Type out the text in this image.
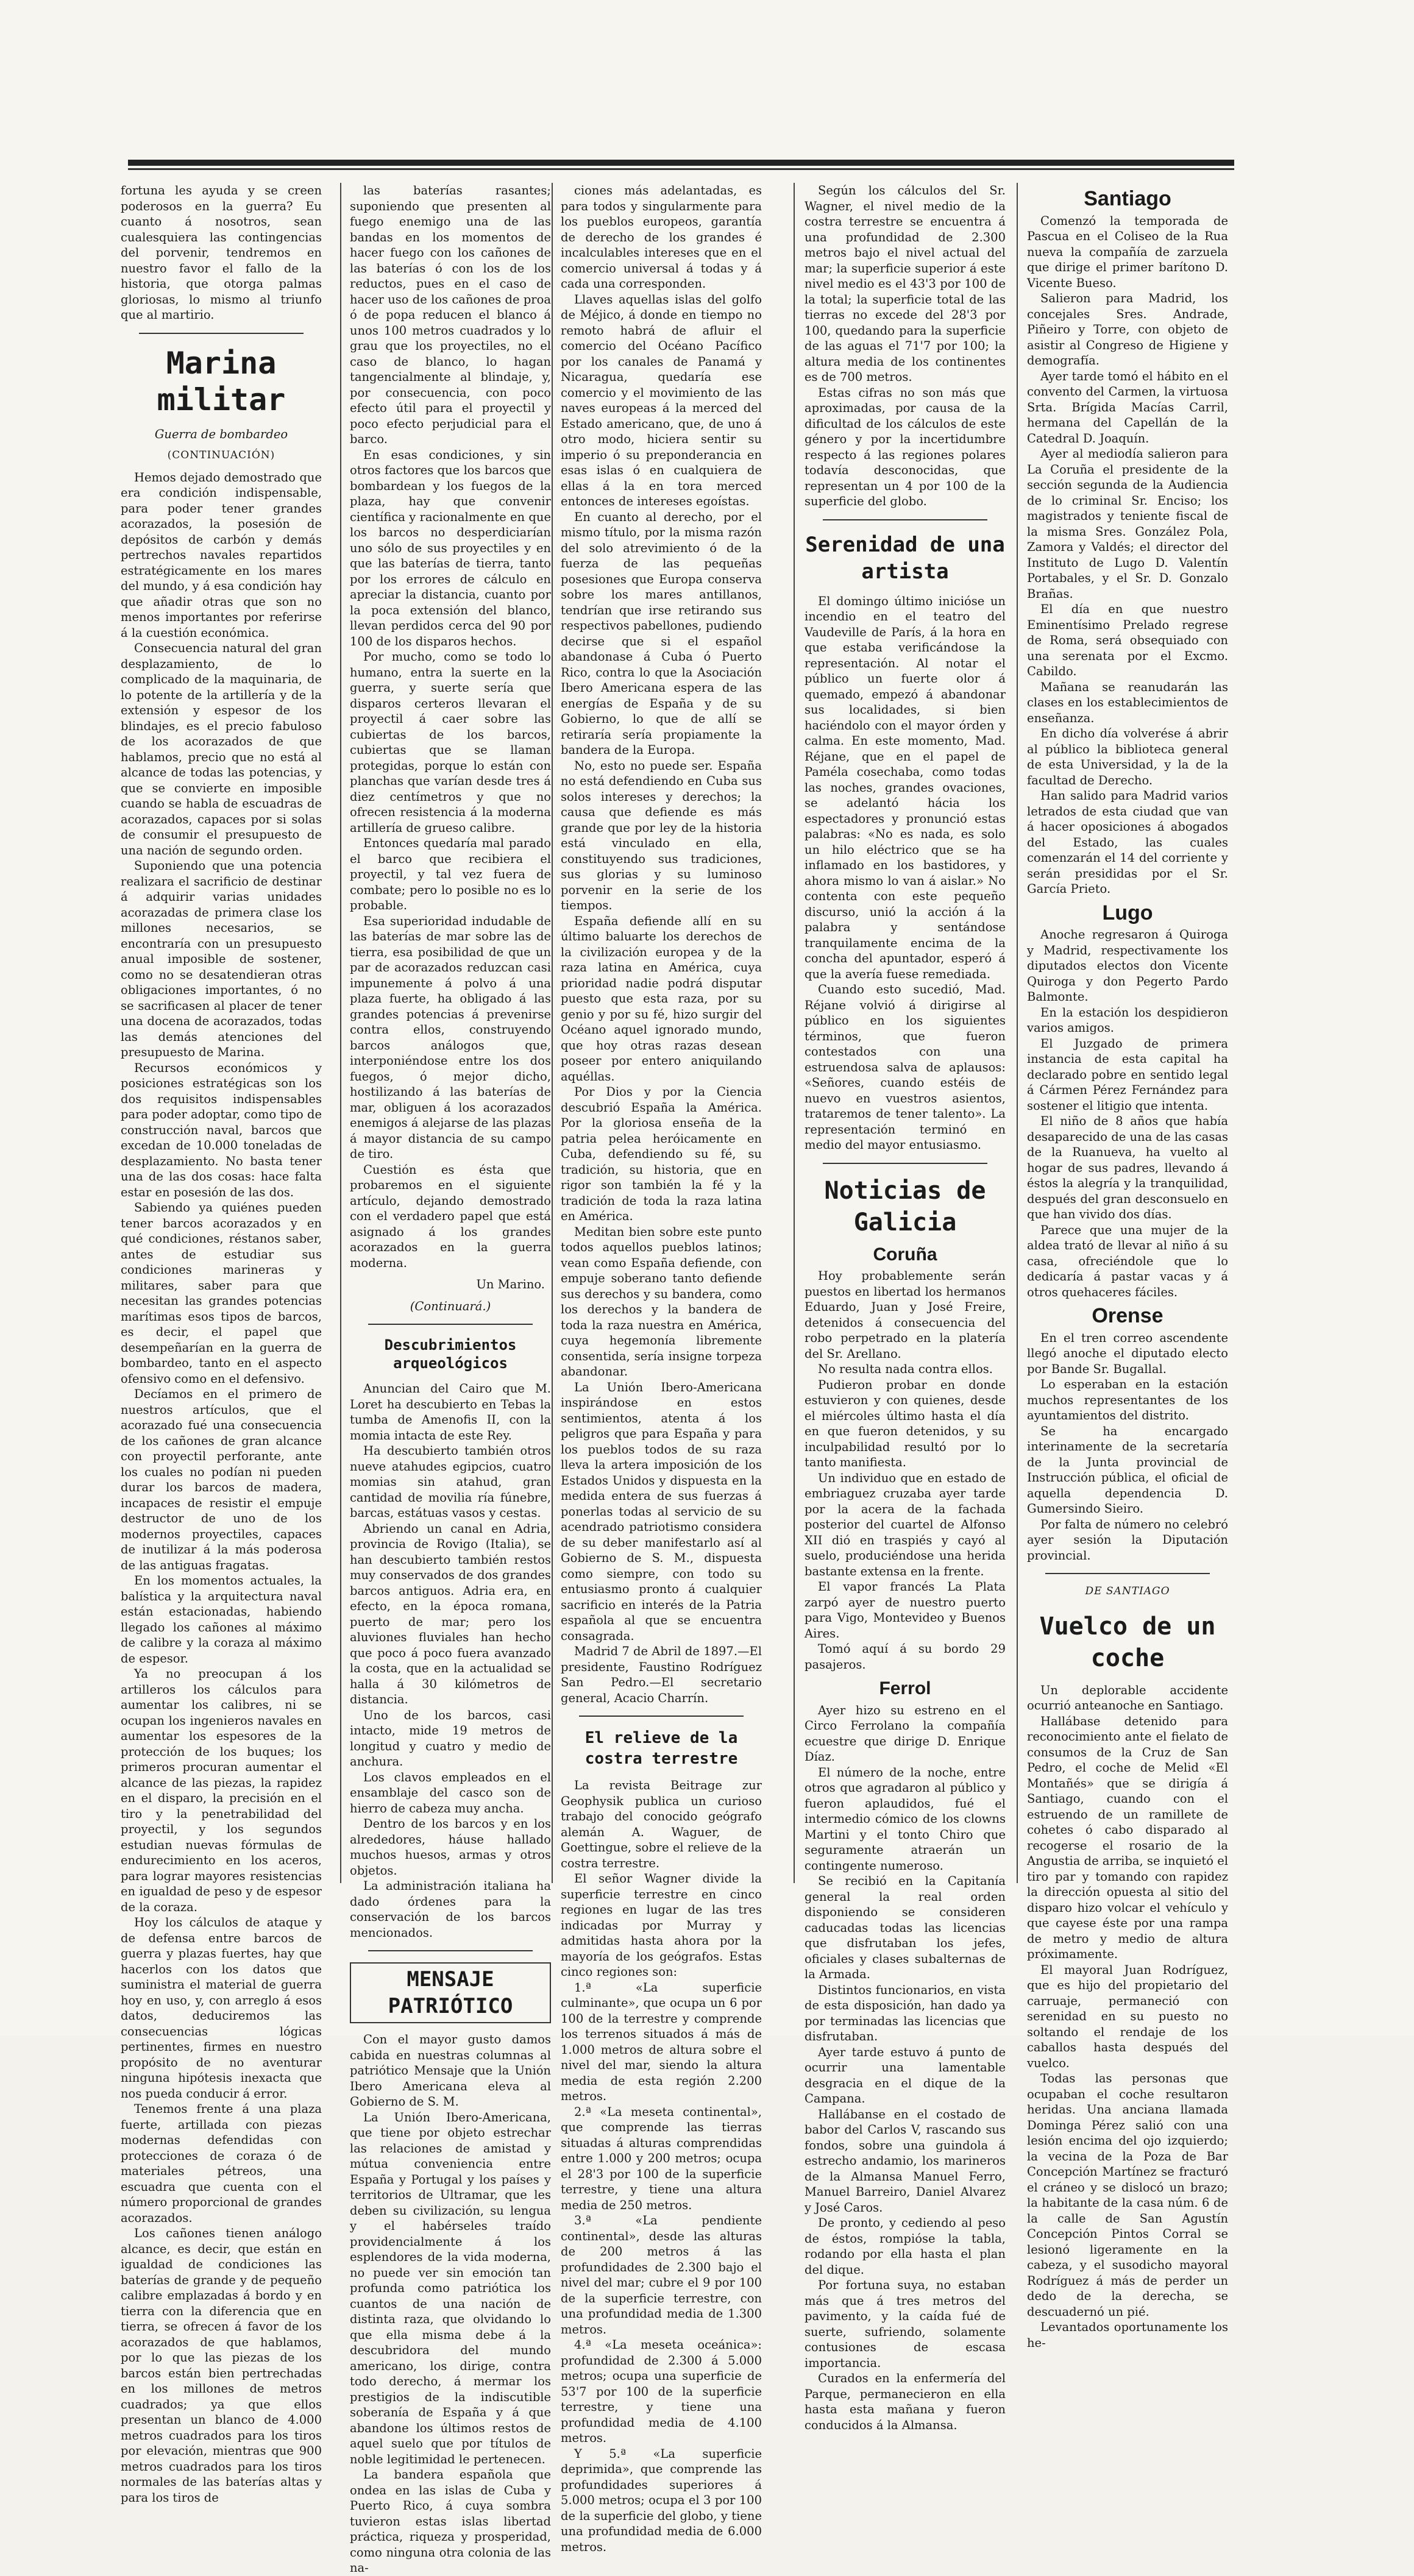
fortuna les ayuda y se creen poderosos en la guerra? Eu cuanto á nosotros, sean cualesquiera las contingencias del porvenir, tendremos en nuestro favor el fallo de la historia, que otorga palmas gloriosas, lo mismo al triunfo que al martirio.

Marina militar
Guerra de bombardeo
(CONTINUACIÓN)

Hemos dejado demostrado que era condición indispensable, para poder tener grandes acorazados, la posesión de depósitos de carbón y demás pertrechos navales repartidos estratégicamente en los mares del mundo, y á esa condición hay que añadir otras que son no menos importantes por referirse á la cuestión económica.

Consecuencia natural del gran desplazamiento, de lo complicado de la maquinaria, de lo potente de la artillería y de la extensión y espesor de los blindajes, es el precio fabuloso de los acorazados de que hablamos, precio que no está al alcance de todas las potencias, y que se convierte en imposible cuando se habla de escuadras de acorazados, capaces por si solas de consumir el presupuesto de una nación de segundo orden.

Suponiendo que una potencia realizara el sacrificio de destinar á adquirir varias unidades acorazadas de primera clase los millones necesarios, se encontraría con un presupuesto anual imposible de sostener, como no se desatendieran otras obligaciones importantes, ó no se sacrificasen al placer de tener una docena de acorazados, todas las demás atenciones del presupuesto de Marina.

Recursos económicos y posiciones estratégicas son los dos requisitos indispensables para poder adoptar, como tipo de construcción naval, barcos que excedan de 10.000 toneladas de desplazamiento. No basta tener una de las dos cosas: hace falta estar en posesión de las dos.

Sabiendo ya quiénes pueden tener barcos acorazados y en qué condiciones, réstanos saber, antes de estudiar sus condiciones marineras y militares, saber para que necesitan las grandes potencias marítimas esos tipos de barcos, es decir, el papel que desempeñarían en la guerra de bombardeo, tanto en el aspecto ofensivo como en el defensivo.

Decíamos en el primero de nuestros artículos, que el acorazado fué una consecuencia de los cañones de gran alcance con proyectil perforante, ante los cuales no podían ni pueden durar los barcos de madera, incapaces de resistir el empuje destructor de uno de los modernos proyectiles, capaces de inutilizar á la más poderosa de las antiguas fragatas.

En los momentos actuales, la balística y la arquitectura naval están estacionadas, habiendo llegado los cañones al máximo de calibre y la coraza al máximo de espesor.

Ya no preocupan á los artilleros los cálculos para aumentar los calibres, ni se ocupan los ingenieros navales en aumentar los espesores de la protección de los buques; los primeros procuran aumentar el alcance de las piezas, la rapidez en el disparo, la precisión en el tiro y la penetrabilidad del proyectil, y los segundos estudian nuevas fórmulas de endurecimiento en los aceros, para lograr mayores resistencias en igualdad de peso y de espesor de la coraza.

Hoy los cálculos de ataque y de defensa entre barcos de guerra y plazas fuertes, hay que hacerlos con los datos que suministra el material de guerra hoy en uso, y, con arreglo á esos datos, deduciremos las consecuencias lógicas pertinentes, firmes en nuestro propósito de no aventurar ninguna hipótesis inexacta que nos pueda conducir á error.

Tenemos frente á una plaza fuerte, artillada con piezas modernas defendidas con protecciones de coraza ó de materiales pétreos, una escuadra que cuenta con el número proporcional de grandes acorazados.

Los cañones tienen análogo alcance, es decir, que están en igualdad de condiciones las baterías de grande y de pequeño calibre emplazadas á bordo y en tierra con la diferencia que en tierra, se ofrecen á favor de los acorazados de que hablamos, por lo que las piezas de los barcos están bien pertrechadas en los millones de metros cuadrados; ya que ellos presentan un blanco de 4.000 metros cuadrados para los tiros por elevación, mientras que 900 metros cuadrados para los tiros normales de las baterías altas y para los tiros de

las baterías rasantes; suponiendo que presenten al fuego enemigo una de las bandas en los momentos de hacer fuego con los cañones de las baterías ó con los de los reductos, pues en el caso de hacer uso de los cañones de proa ó de popa reducen el blanco á unos 100 metros cuadrados y lo grau que los proyectiles, no el caso de blanco, lo hagan tangencialmente al blindaje, y, por consecuencia, con poco efecto útil para el proyectil y poco efecto perjudicial para el barco.

En esas condiciones, y sin otros factores que los barcos que bombardean y los fuegos de la plaza, hay que convenir científica y racionalmente en que los barcos no desperdiciarían uno sólo de sus proyectiles y en que las baterías de tierra, tanto por los errores de cálculo en apreciar la distancia, cuanto por la poca extensión del blanco, llevan perdidos cerca del 90 por 100 de los disparos hechos.

Por mucho, como se todo lo humano, entra la suerte en la guerra, y suerte sería que disparos certeros llevaran el proyectil á caer sobre las cubiertas de los barcos, cubiertas que se llaman protegidas, porque lo están con planchas que varían desde tres á diez centímetros y que no ofrecen resistencia á la moderna artillería de grueso calibre.

Entonces quedaría mal parado el barco que recibiera el proyectil, y tal vez fuera de combate; pero lo posible no es lo probable.

Esa superioridad indudable de las baterías de mar sobre las de tierra, esa posibilidad de que un par de acorazados reduzcan casi impunemente á polvo á una plaza fuerte, ha obligado á las grandes potencias á prevenirse contra ellos, construyendo barcos análogos que, interponiéndose entre los dos fuegos, ó mejor dicho, hostilizando á las baterías de mar, obliguen á los acorazados enemigos á alejarse de las plazas á mayor distancia de su campo de tiro.

Cuestión es ésta que probaremos en el siguiente artículo, dejando demostrado con el verdadero papel que está asignado á los grandes acorazados en la guerra moderna.

Un Marino.
(Continuará.)
Descubrimientos arqueológicos

Anuncian del Cairo que M. Loret ha descubierto en Tebas la tumba de Amenofis II, con la momia intacta de este Rey.

Ha descubierto también otros nueve atahudes egipcios, cuatro momias sin atahud, gran cantidad de movilia ría fúnebre, barcas, estátuas vasos y cestas.

Abriendo un canal en Adria, provincia de Rovigo (Italia), se han descubierto también restos muy conservados de dos grandes barcos antiguos. Adria era, en efecto, en la época romana, puerto de mar; pero los aluviones fluviales han hecho que poco á poco fuera avanzado la costa, que en la actualidad se halla á 30 kilómetros de distancia.

Uno de los barcos, casi intacto, mide 19 metros de longitud y cuatro y medio de anchura.

Los clavos empleados en el ensamblaje del casco son de hierro de cabeza muy ancha.

Dentro de los barcos y en los alrededores, háuse hallado muchos huesos, armas y otros objetos.

La administración italiana ha dado órdenes para la conservación de los barcos mencionados.

MENSAJE PATRIÓTICO

Con el mayor gusto damos cabida en nuestras columnas al patriótico Mensaje que la Unión Ibero Americana eleva al Gobierno de S. M.

La Unión Ibero-Americana, que tiene por objeto estrechar las relaciones de amistad y mútua conveniencia entre España y Portugal y los países y territorios de Ultramar, que les deben su civilización, su lengua y el habérseles traído providencialmente á los esplendores de la vida moderna, no puede ver sin emoción tan profunda como patriótica los cuantos de una nación de distinta raza, que olvidando lo que ella misma debe á la descubridora del mundo americano, los dirige, contra todo derecho, á mermar los prestigios de la indiscutible soberanía de España y á que abandone los últimos restos de aquel suelo que por títulos de noble legitimidad le pertenecen.

La bandera española que ondea en las islas de Cuba y Puerto Rico, á cuya sombra tuvieron estas islas libertad práctica, riqueza y prosperidad, como ninguna otra colonia de las na-

ciones más adelantadas, es para todos y singularmente para los pueblos europeos, garantía de derecho de los grandes é incalculables intereses que en el comercio universal á todas y á cada una corresponden.

Llaves aquellas islas del golfo de Méjico, á donde en tiempo no remoto habrá de afluir el comercio del Océano Pacífico por los canales de Panamá y Nicaragua, quedaría ese comercio y el movimiento de las naves europeas á la merced del Estado americano, que, de uno á otro modo, hiciera sentir su imperio ó su preponderancia en esas islas ó en cualquiera de ellas á la en tora merced entonces de intereses egoístas.

En cuanto al derecho, por el mismo título, por la misma razón del solo atrevimiento ó de la fuerza de las pequeñas posesiones que Europa conserva sobre los mares antillanos, tendrían que irse retirando sus respectivos pabellones, pudiendo decirse que si el español abandonase á Cuba ó Puerto Rico, contra lo que la Asociación Ibero Americana espera de las energías de España y de su Gobierno, lo que de allí se retiraría sería propiamente la bandera de la Europa.

No, esto no puede ser. España no está defendiendo en Cuba sus solos intereses y derechos; la causa que defiende es más grande que por ley de la historia está vinculado en ella, constituyendo sus tradiciones, sus glorias y su luminoso porvenir en la serie de los tiempos.

España defiende allí en su último baluarte los derechos de la civilización europea y de la raza latina en América, cuya prioridad nadie podrá disputar puesto que esta raza, por su genio y por su fé, hizo surgir del Océano aquel ignorado mundo, que hoy otras razas desean poseer por entero aniquilando aquéllas.

Por Dios y por la Ciencia descubrió España la América. Por la gloriosa enseña de la patria pelea heróicamente en Cuba, defendiendo su fé, su tradición, su historia, que en rigor son también la fé y la tradición de toda la raza latina en América.

Meditan bien sobre este punto todos aquellos pueblos latinos; vean como España defiende, con empuje soberano tanto defiende sus derechos y su bandera, como los derechos y la bandera de toda la raza nuestra en América, cuya hegemonía libremente consentida, sería insigne torpeza abandonar.

La Unión Ibero-Americana inspirándose en estos sentimientos, atenta á los peligros que para España y para los pueblos todos de su raza lleva la artera imposición de los Estados Unidos y dispuesta en la medida entera de sus fuerzas á ponerlas todas al servicio de su acendrado patriotismo considera de su deber manifestarlo así al Gobierno de S. M., dispuesta como siempre, con todo su entusiasmo pronto á cualquier sacrificio en interés de la Patria española al que se encuentra consagrada.

Madrid 7 de Abril de 1897.—El presidente, Faustino Rodríguez San Pedro.—El secretario general, Acacio Charrín.

El relieve de la costra terrestre

La revista Beitrage zur Geophysik publica un curioso trabajo del conocido geógrafo alemán A. Waguer, de Goettingue, sobre el relieve de la costra terrestre.

El señor Wagner divide la superficie terrestre en cinco regiones en lugar de las tres indicadas por Murray y admitidas hasta ahora por la mayoría de los geógrafos. Estas cinco regiones son:

1.ª «La superficie culminante», que ocupa un 6 por 100 de la terrestre y comprende los terrenos situados á más de 1.000 metros de altura sobre el nivel del mar, siendo la altura media de esta región 2.200 metros.

2.ª «La meseta continental», que comprende las tierras situadas á alturas comprendidas entre 1.000 y 200 metros; ocupa el 28'3 por 100 de la superficie terrestre, y tiene una altura media de 250 metros.

3.ª «La pendiente continental», desde las alturas de 200 metros á las profundidades de 2.300 bajo el nivel del mar; cubre el 9 por 100 de la superficie terrestre, con una profundidad media de 1.300 metros.

4.ª «La meseta oceánica»: profundidad de 2.300 á 5.000 metros; ocupa una superficie de 53'7 por 100 de la superficie terrestre, y tiene una profundidad media de 4.100 metros.

Y 5.ª «La superficie deprimida», que comprende las profundidades superiores á 5.000 metros; ocupa el 3 por 100 de la superficie del globo, y tiene una profundidad media de 6.000 metros.

Según los cálculos del Sr. Wagner, el nivel medio de la costra terrestre se encuentra á una profundidad de 2.300 metros bajo el nivel actual del mar; la superficie superior á este nivel medio es el 43'3 por 100 de la total; la superficie total de las tierras no excede del 28'3 por 100, quedando para la superficie de las aguas el 71'7 por 100; la altura media de los continentes es de 700 metros.

Estas cifras no son más que aproximadas, por causa de la dificultad de los cálculos de este género y por la incertidumbre respecto á las regiones polares todavía desconocidas, que representan un 4 por 100 de la superficie del globo.

Serenidad de una artista

El domingo último inicióse un incendio en el teatro del Vaudeville de París, á la hora en que estaba verificándose la representación. Al notar el público un fuerte olor á quemado, empezó á abandonar sus localidades, si bien haciéndolo con el mayor órden y calma. En este momento, Mad. Réjane, que en el papel de Paméla cosechaba, como todas las noches, grandes ovaciones, se adelantó hácia los espectadores y pronunció estas palabras: «No es nada, es solo un hilo eléctrico que se ha inflamado en los bastidores, y ahora mismo lo van á aislar.» No contenta con este pequeño discurso, unió la acción á la palabra y sentándose tranquilamente encima de la concha del apuntador, esperó á que la avería fuese remediada.

Cuando esto sucedió, Mad. Réjane volvió á dirigirse al público en los siguientes términos, que fueron contestados con una estruendosa salva de aplausos: «Señores, cuando estéis de nuevo en vuestros asientos, trataremos de tener talento». La representación terminó en medio del mayor entusiasmo.

Noticias de Galicia
Coruña

Hoy probablemente serán puestos en libertad los hermanos Eduardo, Juan y José Freire, detenidos á consecuencia del robo perpetrado en la platería del Sr. Arellano.

No resulta nada contra ellos.

Pudieron probar en donde estuvieron y con quienes, desde el miércoles último hasta el día en que fueron detenidos, y su inculpabilidad resultó por lo tanto manifiesta.

Un individuo que en estado de embriaguez cruzaba ayer tarde por la acera de la fachada posterior del cuartel de Alfonso XII dió en traspiés y cayó al suelo, produciéndose una herida bastante extensa en la frente.

El vapor francés La Plata zarpó ayer de nuestro puerto para Vigo, Montevideo y Buenos Aires.

Tomó aquí á su bordo 29 pasajeros.

Ferrol

Ayer hizo su estreno en el Circo Ferrolano la compañía ecuestre que dirige D. Enrique Díaz.

El número de la noche, entre otros que agradaron al público y fueron aplaudidos, fué el intermedio cómico de los clowns Martini y el tonto Chiro que seguramente atraerán un contingente numeroso.

Se recibió en la Capitanía general la real orden disponiendo se consideren caducadas todas las licencias que disfrutaban los jefes, oficiales y clases subalternas de la Armada.

Distintos funcionarios, en vista de esta disposición, han dado ya por terminadas las licencias que disfrutaban.

Ayer tarde estuvo á punto de ocurrir una lamentable desgracia en el dique de la Campana.

Hallábanse en el costado de babor del Carlos V, rascando sus fondos, sobre una guindola á estrecho andamio, los marineros de la Almansa Manuel Ferro, Manuel Barreiro, Daniel Alvarez y José Caros.

De pronto, y cediendo al peso de éstos, rompióse la tabla, rodando por ella hasta el plan del dique.

Por fortuna suya, no estaban más que á tres metros del pavimento, y la caída fué de suerte, sufriendo, solamente contusiones de escasa importancia.

Curados en la enfermería del Parque, permanecieron en ella hasta esta mañana y fueron conducidos á la Almansa.

Santiago

Comenzó la temporada de Pascua en el Coliseo de la Rua nueva la compañía de zarzuela que dirige el primer barítono D. Vicente Bueso.

Salieron para Madrid, los concejales Sres. Andrade, Piñeiro y Torre, con objeto de asistir al Congreso de Higiene y demografía.

Ayer tarde tomó el hábito en el convento del Carmen, la virtuosa Srta. Brígida Macías Carril, hermana del Capellán de la Catedral D. Joaquín.

Ayer al mediodía salieron para La Coruña el presidente de la sección segunda de la Audiencia de lo criminal Sr. Enciso; los magistrados y teniente fiscal de la misma Sres. González Pola, Zamora y Valdés; el director del Instituto de Lugo D. Valentín Portabales, y el Sr. D. Gonzalo Brañas.

El día en que nuestro Eminentísimo Prelado regrese de Roma, será obsequiado con una serenata por el Excmo. Cabildo.

Mañana se reanudarán las clases en los establecimientos de enseñanza.

En dicho día volverése á abrir al público la biblioteca general de esta Universidad, y la de la facultad de Derecho.

Han salido para Madrid varios letrados de esta ciudad que van á hacer oposiciones á abogados del Estado, las cuales comenzarán el 14 del corriente y serán presididas por el Sr. García Prieto.

Lugo

Anoche regresaron á Quiroga y Madrid, respectivamente los diputados electos don Vicente Quiroga y don Pegerto Pardo Balmonte.

En la estación los despidieron varios amigos.

El Juzgado de primera instancia de esta capital ha declarado pobre en sentido legal á Cármen Pérez Fernández para sostener el litigio que intenta.

El niño de 8 años que había desaparecido de una de las casas de la Ruanueva, ha vuelto al hogar de sus padres, llevando á éstos la alegría y la tranquilidad, después del gran desconsuelo en que han vivido dos días.

Parece que una mujer de la aldea trató de llevar al niño á su casa, ofreciéndole que lo dedicaría á pastar vacas y á otros quehaceres fáciles.

Orense

En el tren correo ascendente llegó anoche el diputado electo por Bande Sr. Bugallal.

Lo esperaban en la estación muchos representantes de los ayuntamientos del distrito.

Se ha encargado interinamente de la secretaría de la Junta provincial de Instrucción pública, el oficial de aquella dependencia D. Gumersindo Sieiro.

Por falta de número no celebró ayer sesión la Diputación provincial.

DE SANTIAGO
Vuelco de un coche

Un deplorable accidente ocurrió anteanoche en Santiago.

Hallábase detenido para reconocimiento ante el fielato de consumos de la Cruz de San Pedro, el coche de Melid «El Montañés» que se dirigía á Santiago, cuando con el estruendo de un ramillete de cohetes ó cabo disparado al recogerse el rosario de la Angustia de arriba, se inquietó el tiro par y tomando con rapidez la dirección opuesta al sitio del disparo hizo volcar el vehículo y que cayese éste por una rampa de metro y medio de altura próximamente.

El mayoral Juan Rodríguez, que es hijo del propietario del carruaje, permaneció con serenidad en su puesto no soltando el rendaje de los caballos hasta después del vuelco.

Todas las personas que ocupaban el coche resultaron heridas. Una anciana llamada Dominga Pérez salió con una lesión encima del ojo izquierdo; la vecina de la Poza de Bar Concepción Martínez se fracturó el cráneo y se dislocó un brazo; la habitante de la casa núm. 6 de la calle de San Agustín Concepción Pintos Corral se lesionó ligeramente en la cabeza, y el susodicho mayoral Rodríguez á más de perder un dedo de la derecha, se descuadernó un pié.

Levantados oportunamente los he-
